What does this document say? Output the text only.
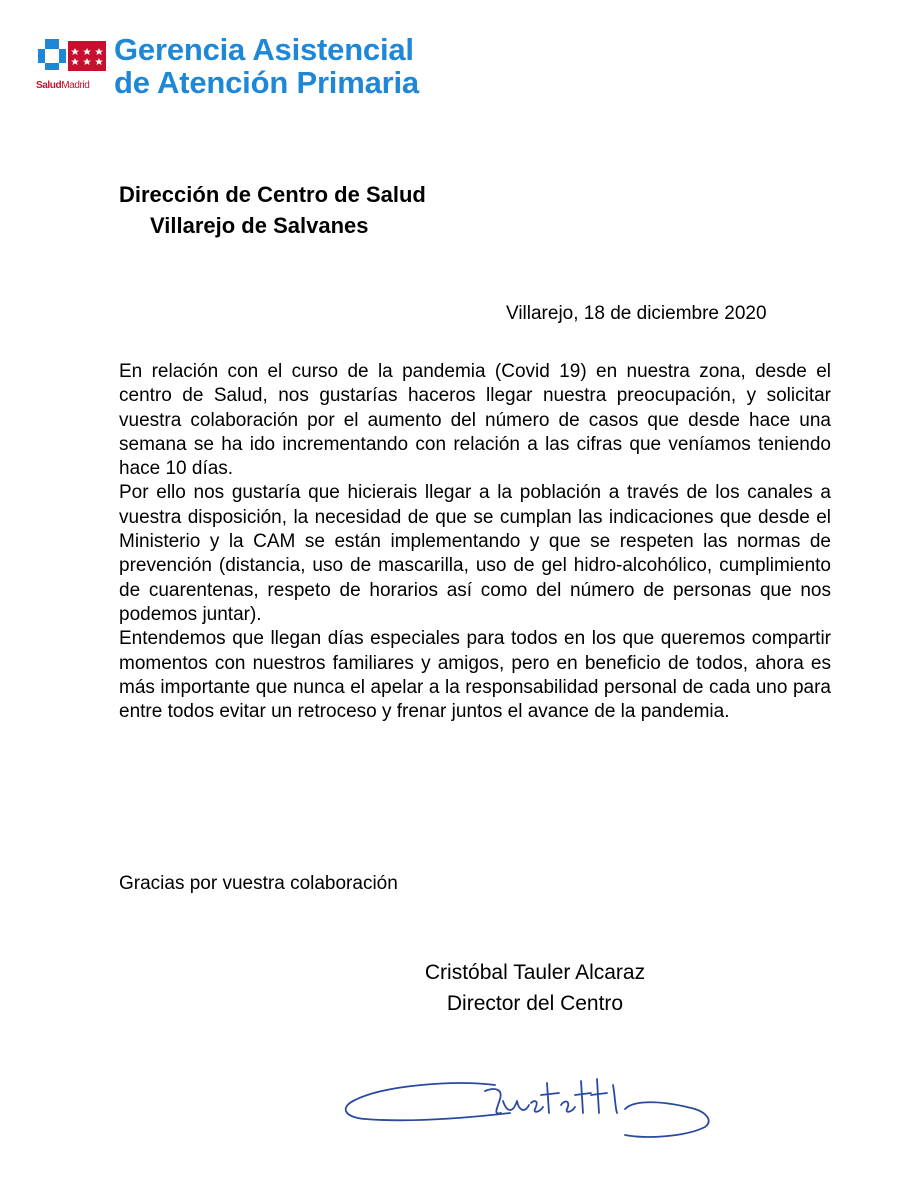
SaludMadrid
Gerencia Asistencial
de Atención Primaria
Dirección de Centro de Salud
Villarejo de Salvanes
Villarejo, 18 de diciembre 2020

En relación con el curso de la pandemia (Covid 19) en nuestra zona, desde el centro de Salud, nos gustarías haceros llegar nuestra preocupación, y solicitar vuestra colaboración por el aumento del número de casos que desde hace una semana se ha ido incrementando con relación a las cifras que veníamos teniendo hace 10 días.

Por ello nos gustaría que hicierais llegar a la población a través de los canales a vuestra disposición, la necesidad de que se cumplan las indicaciones que desde el Ministerio y la CAM se están implementando y que se respeten las normas de prevención (distancia, uso de mascarilla, uso de gel hidro-alcohólico, cumplimiento de cuarentenas, respeto de horarios así como del número de personas que nos podemos juntar).

Entendemos que llegan días especiales para todos en los que queremos compartir momentos con nuestros familiares y amigos, pero en beneficio de todos, ahora es más importante que nunca el apelar a la responsabilidad personal de cada uno para entre todos evitar un retroceso y frenar juntos el avance de la pandemia.

Gracias por vuestra colaboración
Cristóbal Tauler Alcaraz
Director del Centro
